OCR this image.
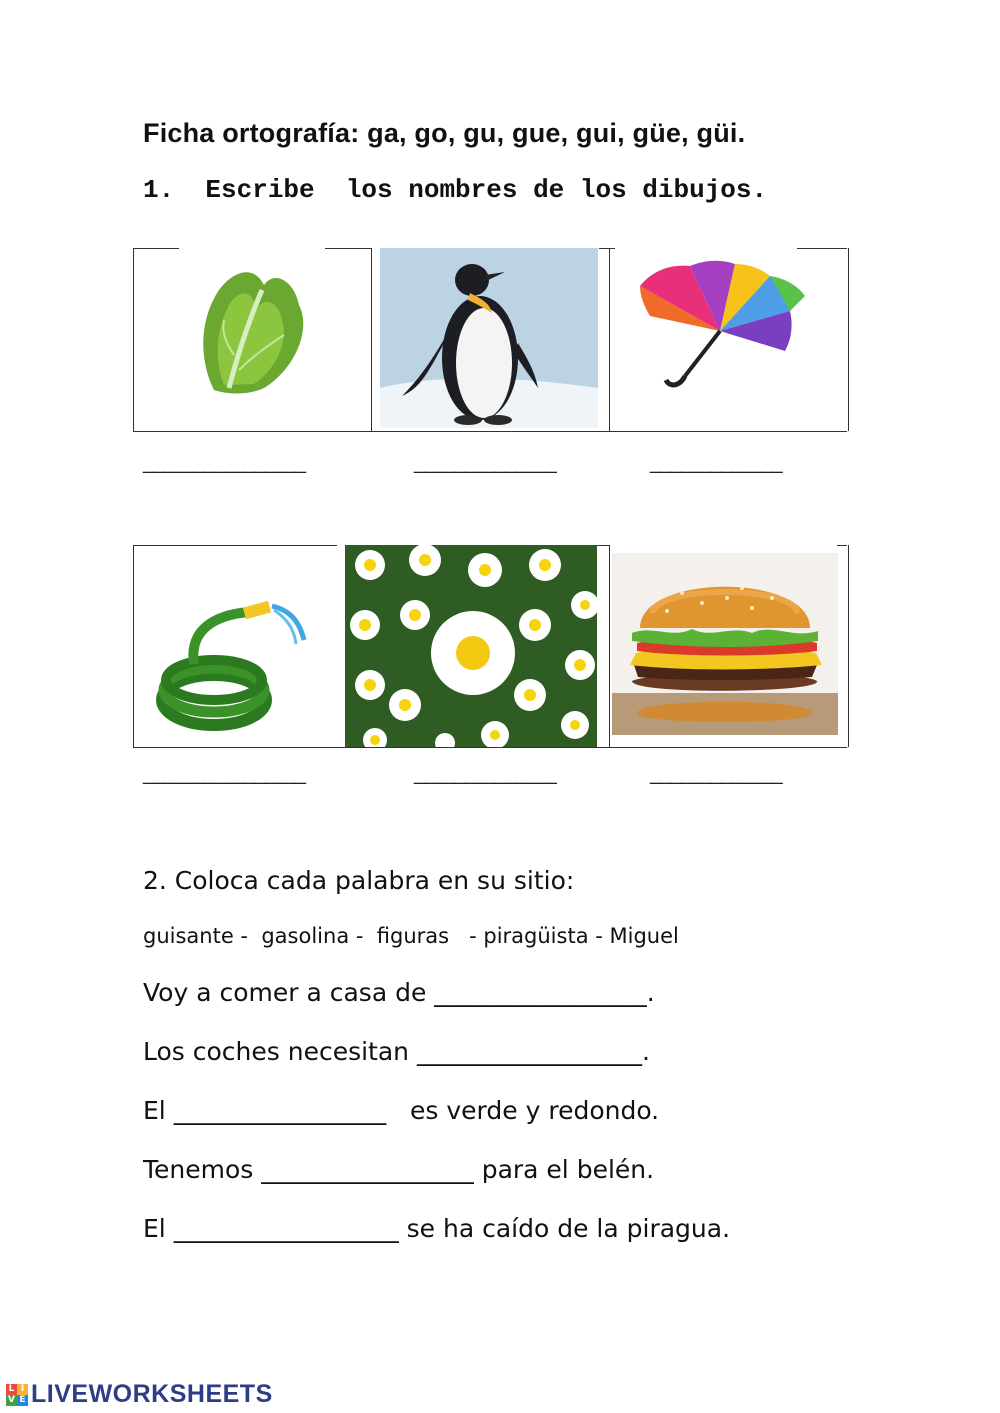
Ficha ortografía: ga, go, gu, gue, gui, güe, güi.
1.  Escribe  los nombres de los dibujos.
________________	______________	_____________
________________	______________	_____________
2. Coloca cada palabra en su sitio:
guisante -  gasolina -  figuras   - piragüista - Miguel
Voy a comer a casa de _________________.
Los coches necesitan __________________.
El _________________   es verde y redondo.
Tenemos _________________ para el belén.
El __________________ se ha caído de la piragua.
L I
V E LIVEWORKSHEETS
